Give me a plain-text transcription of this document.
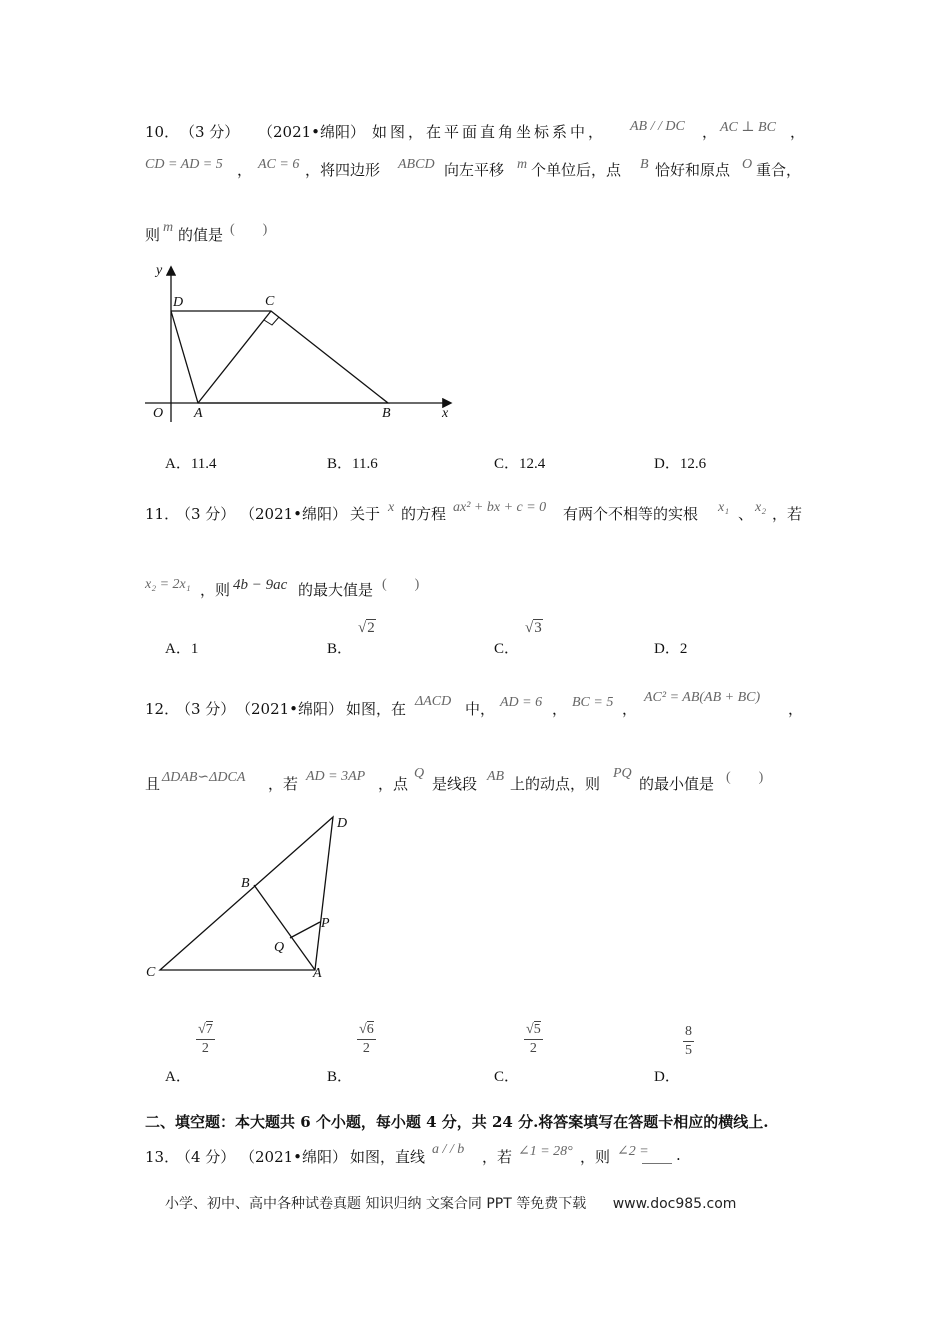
10． （3 分） （2021•绵阳） 如图，在平面直角坐标系中， AB / / DC ， AC ⊥ BC ，
CD = AD = 5 ， AC = 6 ，将四边形 ABCD 向左平移 m 个单位后，点 B 恰好和原点 O 重合，
则 m 的值是 (　　)
y
D	C
O A	B	x
A．11.4	B．11.6	C．12.4	D．12.6
11．
（3 分） （2021•绵阳） 关于 x 的方程 ax² + bx + c = 0 有两个不相等的实根 x₁ 、 x₂ ，若
x₂ = 2x₁ ，则 4b − 9ac 的最大值是 (　　)
A．1	B．
√2
C．
√3
D．2
12．
（3 分） （2021•绵阳） 如图，在 ΔACD 中， AD = 6 ， BC = 5 ，
AC² = AB(AB + BC)
，
且 ΔDAB∽ΔDCA ，若 AD = 3AP ，点
Q
是线段 AB 上的动点，则
PQ
的最小值是 (　　)
D
B
P
Q
C	A
A．
$\frac{√7}{2}$
B．
$\frac{√6}{2}$
C．
$\frac{√5}{2}$
D．
$\frac{8}{5}$
二、填空题：本大题共 6 个小题，每小题 4 分，共 24 分.将答案填写在答题卡相应的横线上.
13．
（4 分） （2021•绵阳） 如图，直线 a / / b ，若 ∠1 = 28° ，则 ∠2 =
____ .
小学、初中、高中各种试卷真题 知识归纳 文案合同 PPT 等免费下载 www.doc985.com
